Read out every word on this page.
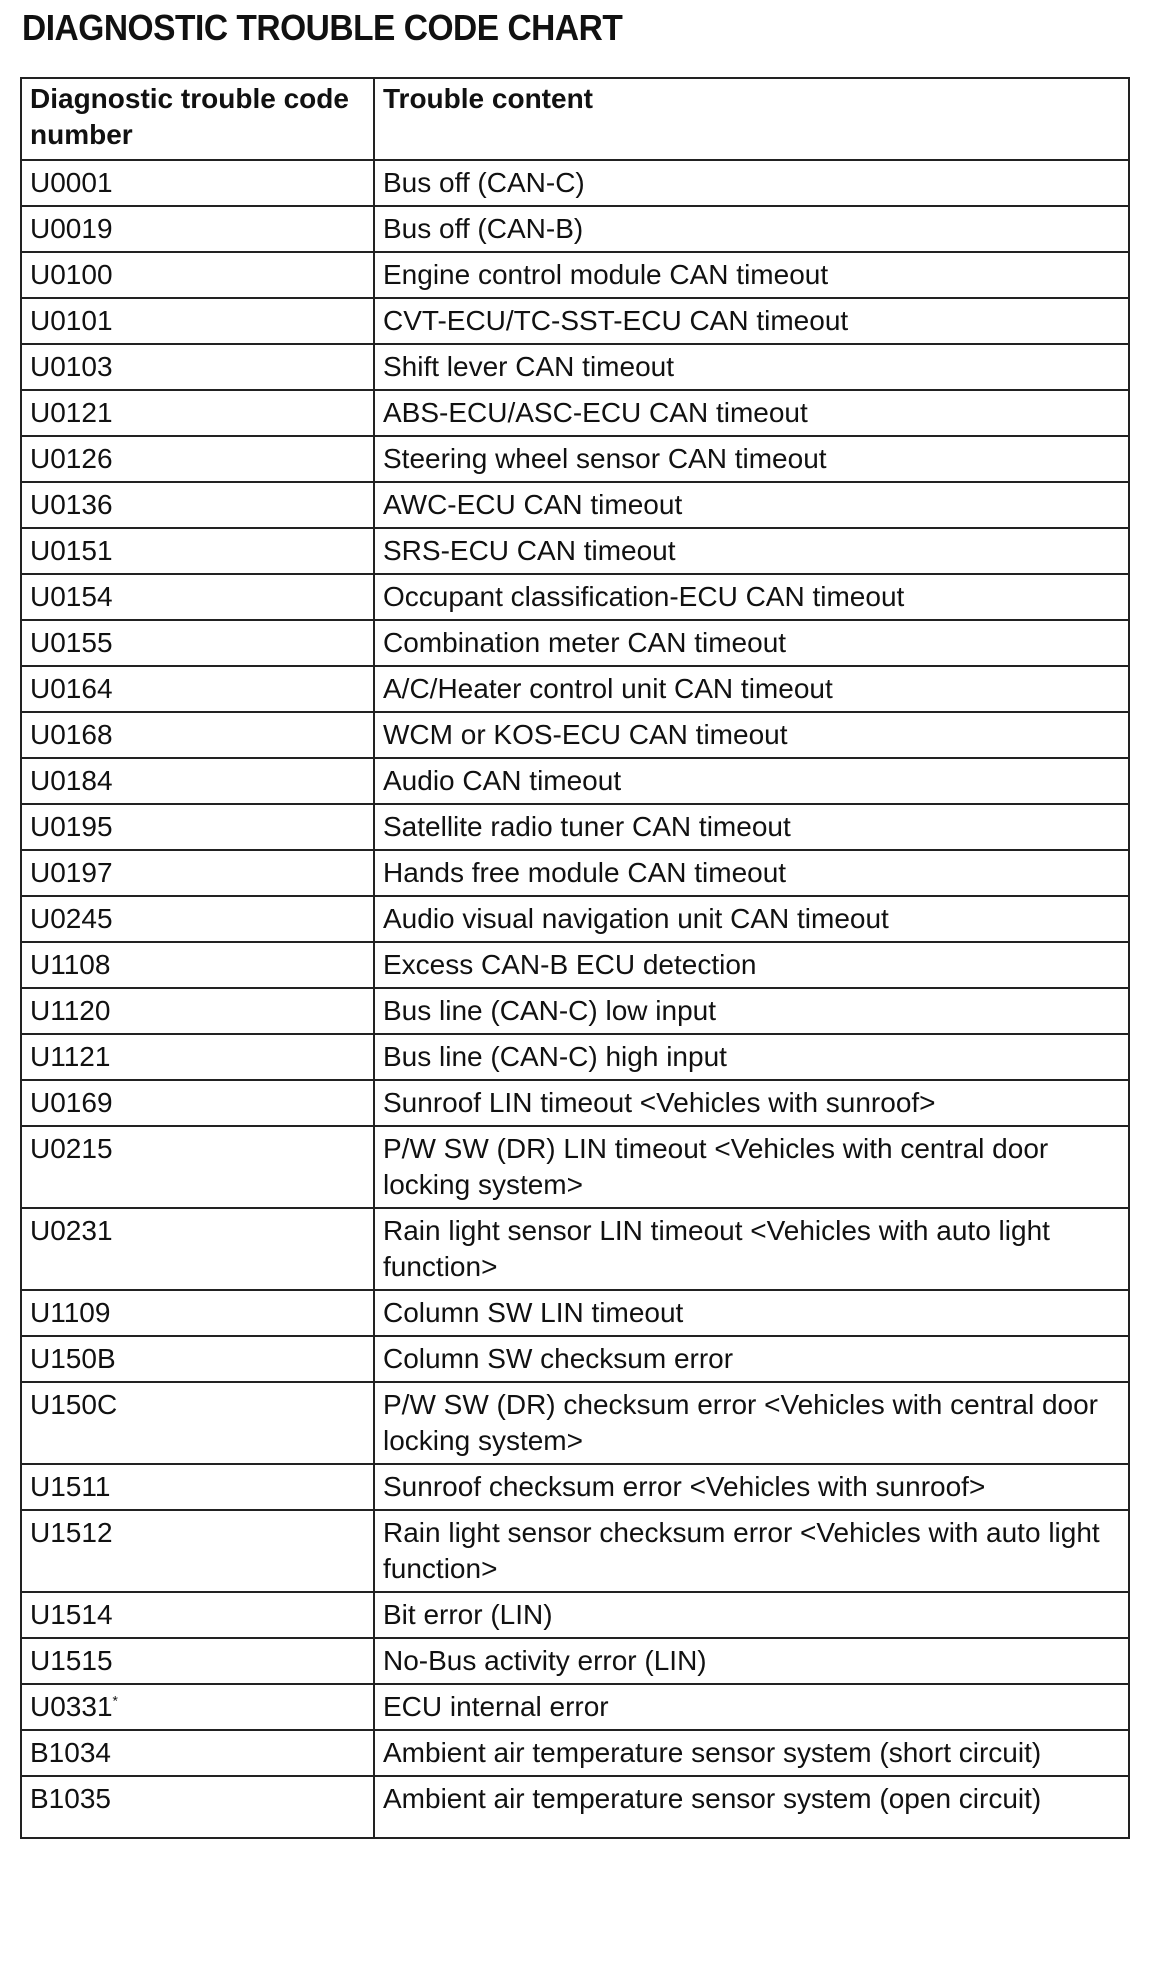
DIAGNOSTIC TROUBLE CODE CHART
Diagnostic trouble code number	Trouble content
U0001	Bus off (CAN-C)
U0019	Bus off (CAN-B)
U0100	Engine control module CAN timeout
U0101	CVT-ECU/TC-SST-ECU CAN timeout
U0103	Shift lever CAN timeout
U0121	ABS-ECU/ASC-ECU CAN timeout
U0126	Steering wheel sensor CAN timeout
U0136	AWC-ECU CAN timeout
U0151	SRS-ECU CAN timeout
U0154	Occupant classification-ECU CAN timeout
U0155	Combination meter CAN timeout
U0164	A/C/Heater control unit CAN timeout
U0168	WCM or KOS-ECU CAN timeout
U0184	Audio CAN timeout
U0195	Satellite radio tuner CAN timeout
U0197	Hands free module CAN timeout
U0245	Audio visual navigation unit CAN timeout
U1108	Excess CAN-B ECU detection
U1120	Bus line (CAN-C) low input
U1121	Bus line (CAN-C) high input
U0169	Sunroof LIN timeout <Vehicles with sunroof>
U0215	P/W SW (DR) LIN timeout <Vehicles with central door locking system>
U0231	Rain light sensor LIN timeout <Vehicles with auto light function>
U1109	Column SW LIN timeout
U150B	Column SW checksum error
U150C	P/W SW (DR) checksum error <Vehicles with central door locking system>
U1511	Sunroof checksum error <Vehicles with sunroof>
U1512	Rain light sensor checksum error <Vehicles with auto light function>
U1514	Bit error (LIN)
U1515	No-Bus activity error (LIN)
U0331*	ECU internal error
B1034	Ambient air temperature sensor system (short circuit)
B1035	Ambient air temperature sensor system (open circuit)
